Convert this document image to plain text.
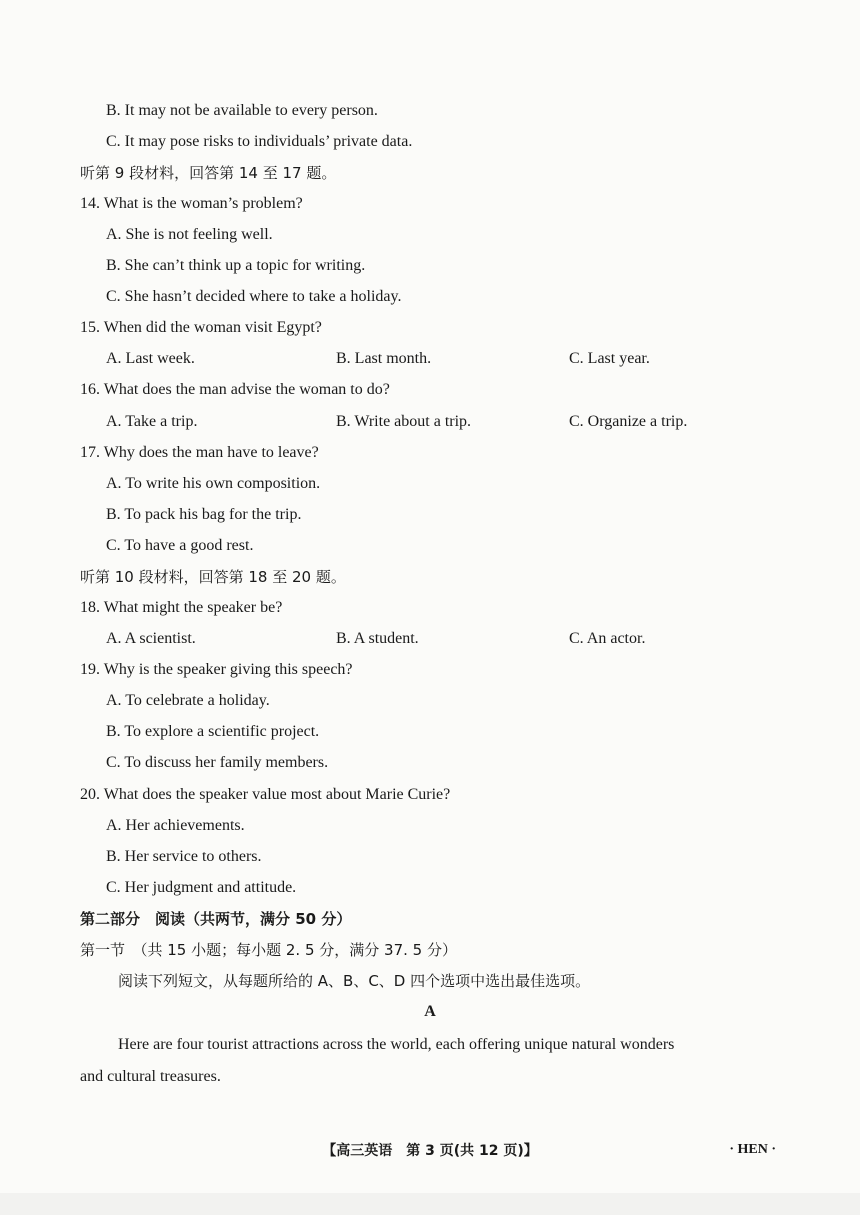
B. It may not be available to every person.
C. It may pose risks to individuals’ private data.
听第 9 段材料，回答第 14 至 17 题。
14. What is the woman’s problem?
A. She is not feeling well.
B. She can’t think up a topic for writing.
C. She hasn’t decided where to take a holiday.
15. When did the woman visit Egypt?
A. Last week.	B. Last month.	C. Last year.
16. What does the man advise the woman to do?
A. Take a trip.	B. Write about a trip.	C. Organize a trip.
17. Why does the man have to leave?
A. To write his own composition.
B. To pack his bag for the trip.
C. To have a good rest.
听第 10 段材料，回答第 18 至 20 题。
18. What might the speaker be?
A. A scientist.	B. A student.	C. An actor.
19. Why is the speaker giving this speech?
A. To celebrate a holiday.
B. To explore a scientific project.
C. To discuss her family members.
20. What does the speaker value most about Marie Curie?
A. Her achievements.
B. Her service to others.
C. Her judgment and attitude.
第二部分　阅读（共两节，满分 50 分）
第一节　（共 15 小题；每小题 2. 5 分，满分 37. 5 分）
阅读下列短文，从每题所给的 A、B、C、D 四个选项中选出最佳选项。
A
Here are four tourist attractions across the world, each offering unique natural wonders
and cultural treasures.
【高三英语　第 3 页(共 12 页)】	· HEN ·
